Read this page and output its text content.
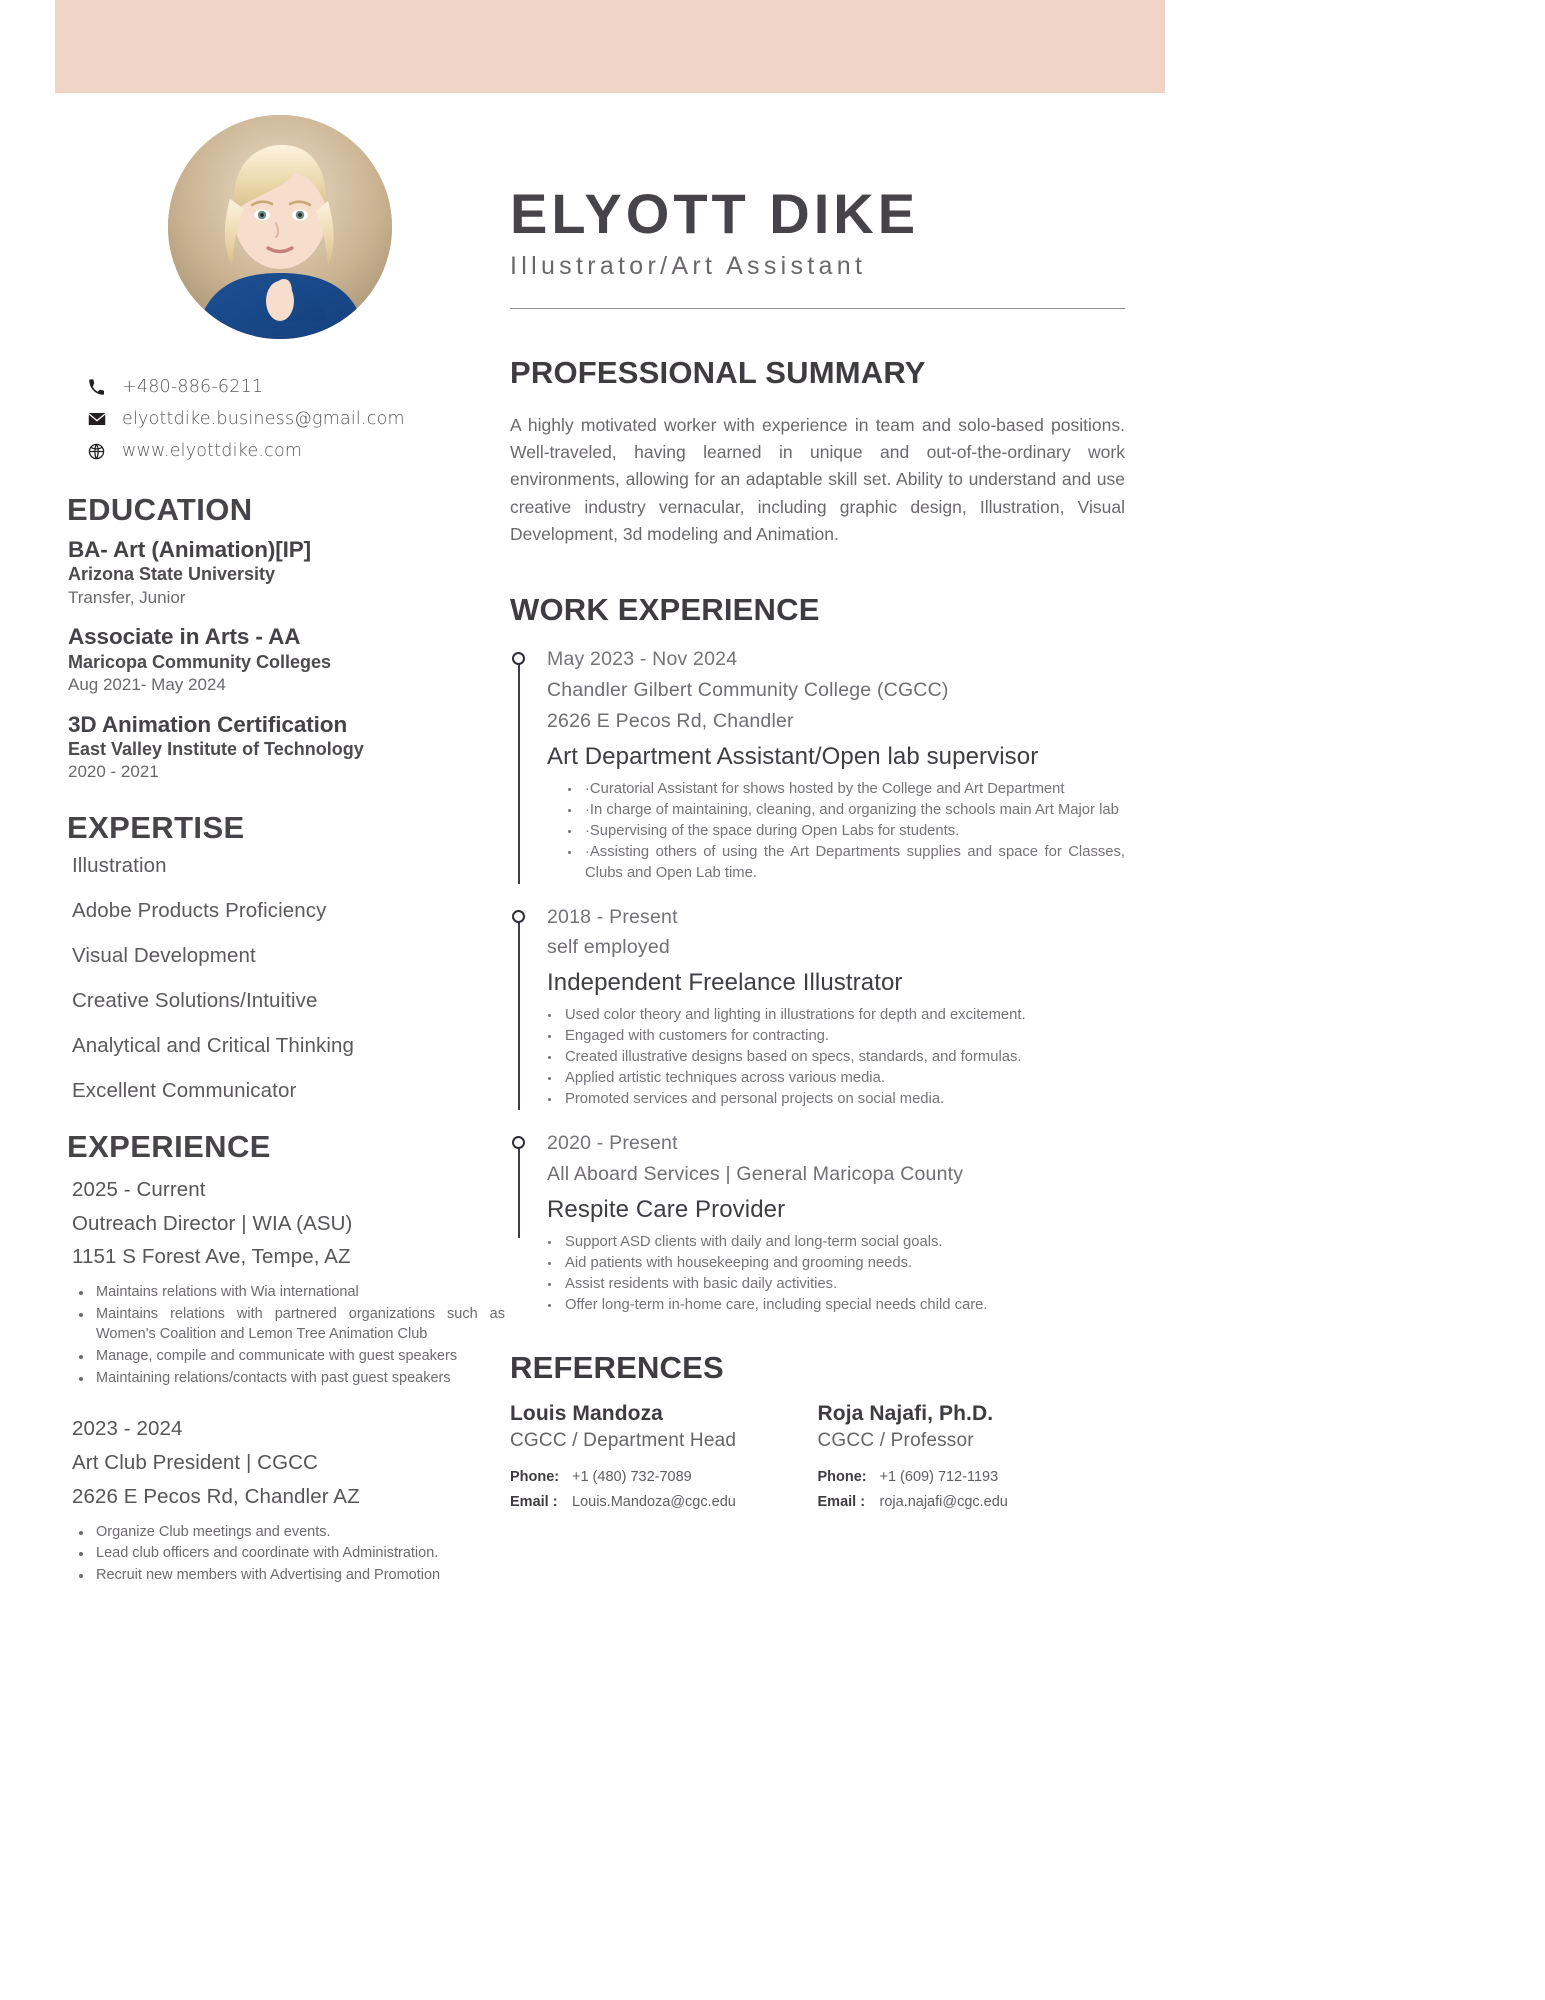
+480-886-6211
elyottdike.business@gmail.com
www.elyottdike.com
EDUCATION
BA- Art (Animation)[IP]
Arizona State University
Transfer, Junior
Associate in Arts - AA
Maricopa Community Colleges
Aug 2021- May 2024
3D Animation Certification
East Valley Institute of Technology
2020 - 2021
EXPERTISE
Illustration
Adobe Products Proficiency
Visual Development
Creative Solutions/Intuitive
Analytical and Critical Thinking
Excellent Communicator
EXPERIENCE
2025 - Current
Outreach Director | WIA (ASU)
1151 S Forest Ave, Tempe, AZ
• Maintains relations with Wia international
• Maintains relations with partnered organizations such as Women's Coalition and Lemon Tree Animation Club
• Manage, compile and communicate with guest speakers
• Maintaining relations/contacts with past guest speakers
2023 - 2024
Art Club President | CGCC
2626 E Pecos Rd, Chandler AZ
• Organize Club meetings and events.
• Lead club officers and coordinate with Administration.
• Recruit new members with Advertising and Promotion
ELYOTT DIKE
Illustrator/Art Assistant
PROFESSIONAL SUMMARY

A highly motivated worker with experience in team and solo-based positions. Well-traveled, having learned in unique and out-of-the-ordinary work environments, allowing for an adaptable skill set. Ability to understand and use creative industry vernacular, including graphic design, Illustration, Visual Development, 3d modeling and Animation.

WORK EXPERIENCE
May 2023 - Nov 2024
Chandler Gilbert Community College (CGCC)
2626 E Pecos Rd, Chandler
Art Department Assistant/Open lab supervisor
• ·Curatorial Assistant for shows hosted by the College and Art Department
• ·In charge of maintaining, cleaning, and organizing the schools main Art Major lab
• ·Supervising of the space during Open Labs for students.
• ·Assisting others of using the Art Departments supplies and space for Classes, Clubs and Open Lab time.
2018 - Present
self employed
Independent Freelance Illustrator
• Used color theory and lighting in illustrations for depth and excitement.
• Engaged with customers for contracting.
• Created illustrative designs based on specs, standards, and formulas.
• Applied artistic techniques across various media.
• Promoted services and personal projects on social media.
2020 - Present
All Aboard Services | General Maricopa County
Respite Care Provider
• Support ASD clients with daily and long-term social goals.
• Aid patients with housekeeping and grooming needs.
• Assist residents with basic daily activities.
• Offer long-term in-home care, including special needs child care.
REFERENCES
Louis Mandoza
CGCC / Department Head
Phone: +1 (480) 732-7089
Email : Louis.Mandoza@cgc.edu
Roja Najafi, Ph.D.
CGCC / Professor
Phone: +1 (609) 712-1193
Email : roja.najafi@cgc.edu
